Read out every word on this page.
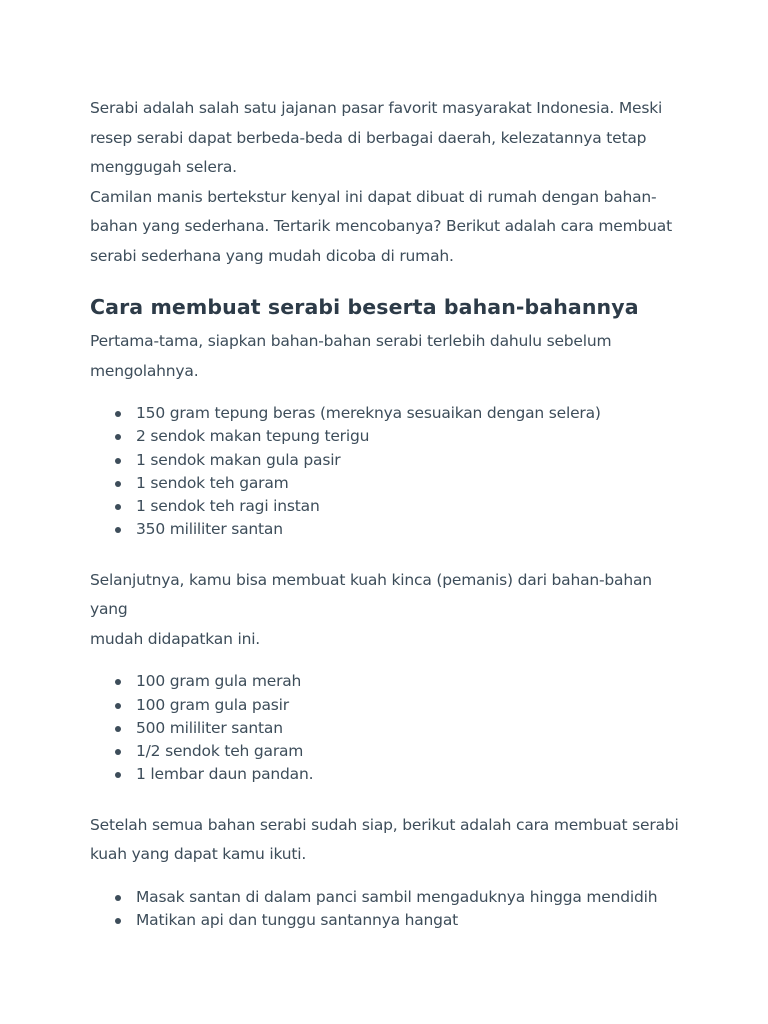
Serabi adalah salah satu jajanan pasar favorit masyarakat Indonesia. Meski
resep serabi dapat berbeda-beda di berbagai daerah, kelezatannya tetap
menggugah selera.

Camilan manis bertekstur kenyal ini dapat dibuat di rumah dengan bahan-
bahan yang sederhana. Tertarik mencobanya? Berikut adalah cara membuat
serabi sederhana yang mudah dicoba di rumah.

Cara membuat serabi beserta bahan-bahannya

Pertama-tama, siapkan bahan-bahan serabi terlebih dahulu sebelum
mengolahnya.

150 gram tepung beras (mereknya sesuaikan dengan selera)
2 sendok makan tepung terigu
1 sendok makan gula pasir
1 sendok teh garam
1 sendok teh ragi instan
350 mililiter santan

Selanjutnya, kamu bisa membuat kuah kinca (pemanis) dari bahan-bahan yang
mudah didapatkan ini.

100 gram gula merah
100 gram gula pasir
500 mililiter santan
1/2 sendok teh garam
1 lembar daun pandan.

Setelah semua bahan serabi sudah siap, berikut adalah cara membuat serabi
kuah yang dapat kamu ikuti.

Masak santan di dalam panci sambil mengaduknya hingga mendidih
Matikan api dan tunggu santannya hangat
